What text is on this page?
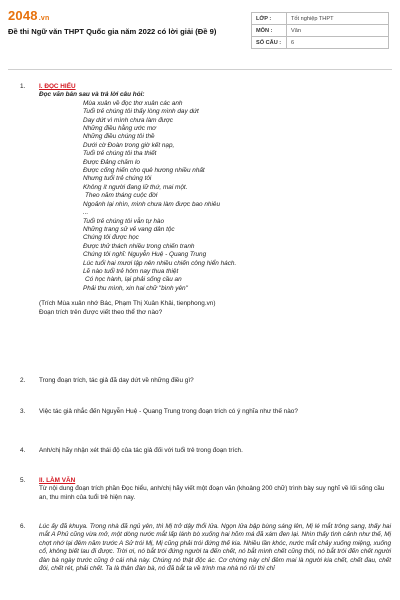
2048.vn
Đề thi Ngữ văn THPT Quốc gia năm 2022 có lời giải (Đề 9)
LỚP :	Tốt nghiệp THPT
MÔN :	Văn
SỐ CÂU :	6
1. I. ĐỌC HIỂU
Đọc văn bản sau và trả lời câu hỏi:
Mùa xuân về đọc thơ xuân các anh
Tuổi trẻ chúng tôi thấy lòng mình day dứt
Day dứt vì mình chưa làm được
Những điều hằng ước mơ
Những điều chúng tôi thề
Dưới cờ Đoàn trong giờ kết nạp,
Tuổi trẻ chúng tôi tha thiết
Được Đảng chăm lo
Được cống hiến cho quê hương nhiều nhất
Nhưng tuổi trẻ chúng tôi
Không ít người đang lữ thứ, mai một.
Theo năm tháng cuộc đời
Ngoảnh lại nhìn, mình chưa làm được bao nhiêu
...
Tuổi trẻ chúng tôi vẫn tự hào
Những trang sử vẻ vang dân tộc
Chúng tôi được học
Được thử thách nhiều trong chiến tranh
Chúng tôi nghĩ: Nguyễn Huệ - Quang Trung
Lúc tuổi hai mươi lập nên nhiều chiến công hiển hách.
Lẽ nào tuổi trẻ hôm nay thua thiệt
Có học hành, lại phải sống cầu an
Phải thu mình, xin hai chữ "bình yên"
(Trích Mùa xuân nhớ Bác, Phạm Thị Xuân Khải, tienphong.vn)
Đoạn trích trên được viết theo thể thơ nào?
2. Trong đoạn trích, tác giả đã day dứt về những điều gì?
3. Việc tác giả nhắc đến Nguyễn Huệ - Quang Trung trong đoạn trích có ý nghĩa như thế nào?
4. Anh/chị hãy nhận xét thái độ của tác giả đối với tuổi trẻ trong đoạn trích.
5. II. LÀM VĂN
Từ nội dung đoạn trích phần Đọc hiểu, anh/chị hãy viết một đoạn văn (khoảng 200 chữ) trình bày suy nghĩ về lối sống cầu an, thu mình của tuổi trẻ hiện nay.
6. Lúc ấy đã khuya. Trong nhà đã ngủ yên, thì Mị trở dậy thổi lửa. Ngọn lửa bập bùng sáng lên, Mị lé mắt trông sang, thấy hai mắt A Phủ cũng vừa mở, một dòng nước mắt lấp lánh bò xuống hai hõm má đã xám đen lại. Nhìn thấy tình cảnh như thế, Mị chợt nhớ lại đêm năm trước A Sử trói Mị, Mị cũng phải trói đứng thế kia. Nhiều lần khóc, nước mắt chảy xuống miệng, xuống cổ, không biết lau đi được. Trời ơi, nó bắt trói đứng người ta đến chết, nó bắt mình chết cũng thôi, nó bắt trói đến chết người đàn bà ngày trước cũng ở cái nhà này. Chúng nó thật độc ác. Cơ chừng này chỉ đêm mai là người kia chết, chết đau, chết đói, chết rét, phải chết. Ta là thân đàn bà, nó đã bắt ta về trình ma nhà nó rồi thì chỉ
